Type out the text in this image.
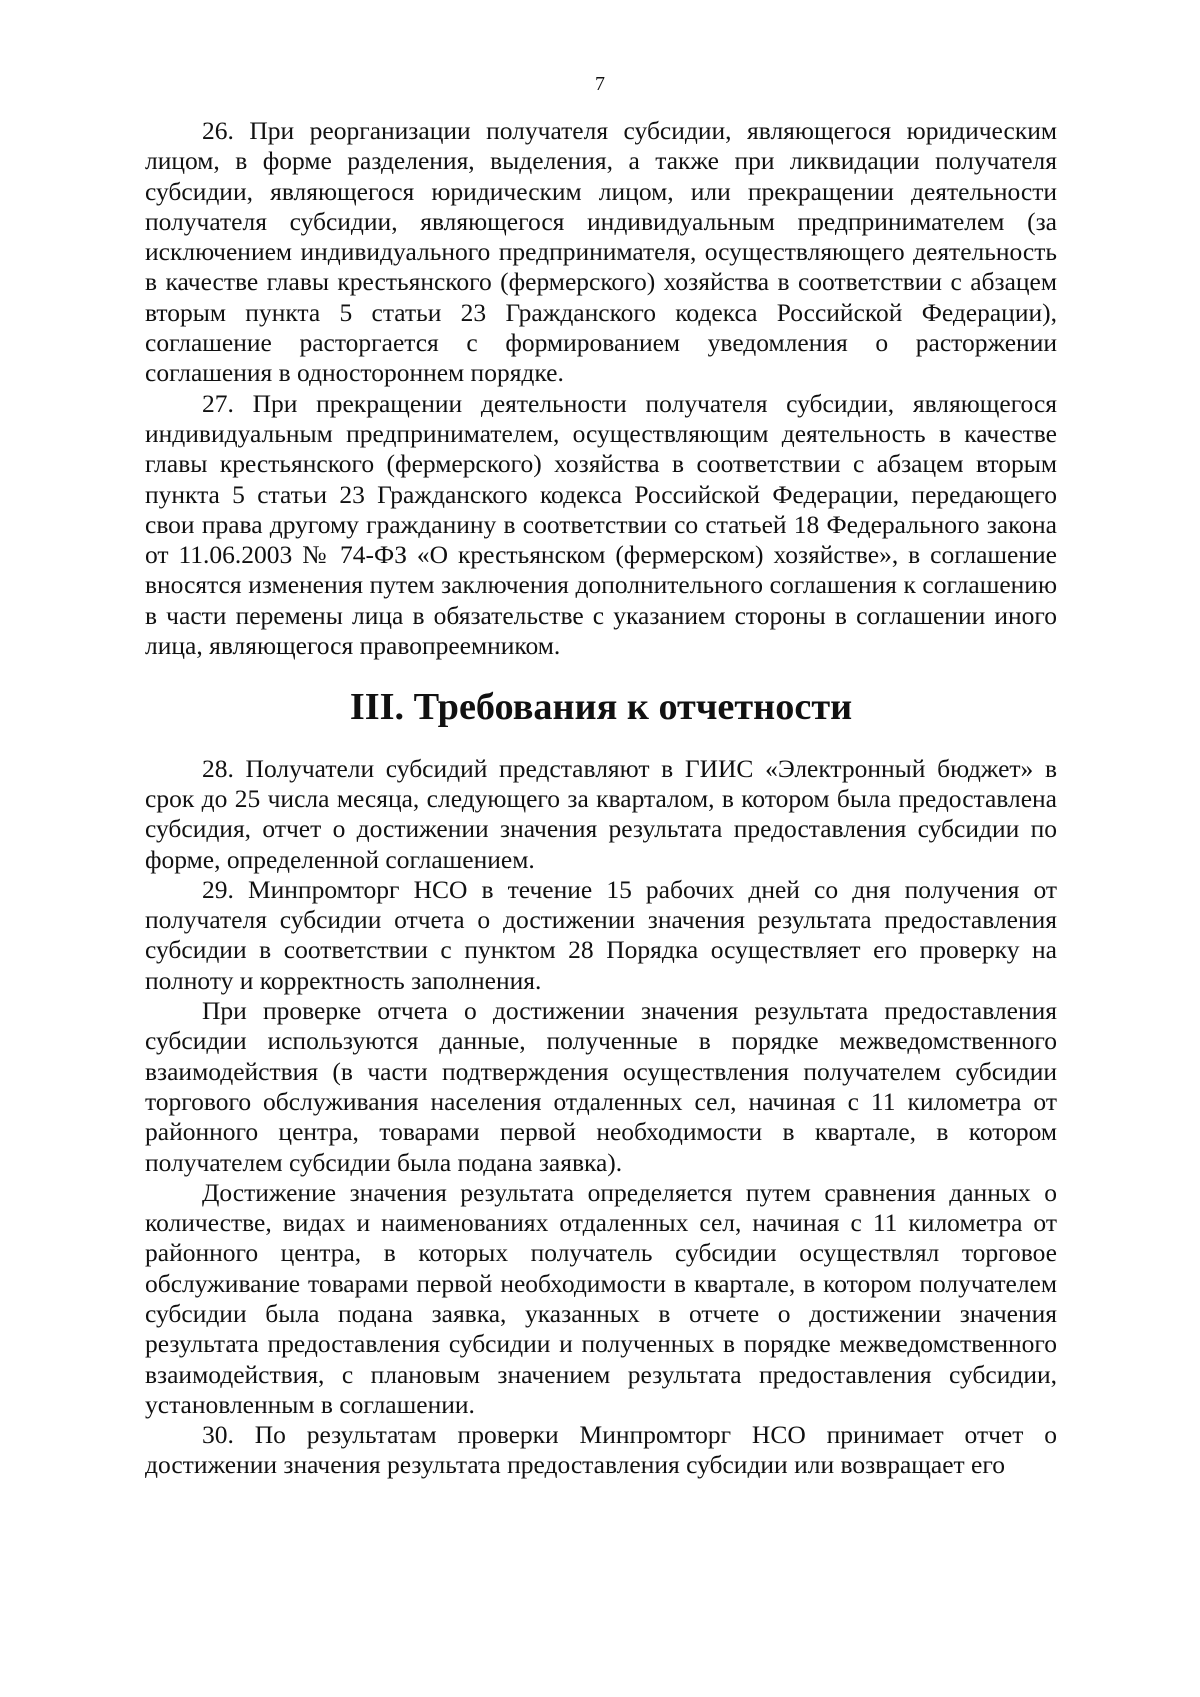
7

26. При реорганизации получателя субсидии, являющегося юридическим лицом, в форме разделения, выделения, а также при ликвидации получателя субсидии, являющегося юридическим лицом, или прекращении деятельности получателя субсидии, являющегося индивидуальным предпринимателем (за исключением индивидуального предпринимателя, осуществляющего деятельность в качестве главы крестьянского (фермерского) хозяйства в соответствии с абзацем вторым пункта 5 статьи 23 Гражданского кодекса Российской Федерации), соглашение расторгается с формированием уведомления о расторжении соглашения в одностороннем порядке.

27. При прекращении деятельности получателя субсидии, являющегося индивидуальным предпринимателем, осуществляющим деятельность в качестве главы крестьянского (фермерского) хозяйства в соответствии с абзацем вторым пункта 5 статьи 23 Гражданского кодекса Российской Федерации, передающего свои права другому гражданину в соответствии со статьей 18 Федерального закона от 11.06.2003 № 74-ФЗ «О крестьянском (фермерском) хозяйстве», в соглашение вносятся изменения путем заключения дополнительного соглашения к соглашению в части перемены лица в обязательстве с указанием стороны в соглашении иного лица, являющегося правопреемником.

III. Требования к отчетности

28. Получатели субсидий представляют в ГИИС «Электронный бюджет» в срок до 25 числа месяца, следующего за кварталом, в котором была предоставлена субсидия, отчет о достижении значения результата предоставления субсидии по форме, определенной соглашением.

29. Минпромторг НСО в течение 15 рабочих дней со дня получения от получателя субсидии отчета о достижении значения результата предоставления субсидии в соответствии с пунктом 28 Порядка осуществляет его проверку на полноту и корректность заполнения.

При проверке отчета о достижении значения результата предоставления субсидии используются данные, полученные в порядке межведомственного взаимодействия (в части подтверждения осуществления получателем субсидии торгового обслуживания населения отдаленных сел, начиная с 11 километра от районного центра, товарами первой необходимости в квартале, в котором получателем субсидии была подана заявка).

Достижение значения результата определяется путем сравнения данных о количестве, видах и наименованиях отдаленных сел, начиная с 11 километра от районного центра, в которых получатель субсидии осуществлял торговое обслуживание товарами первой необходимости в квартале, в котором получателем субсидии была подана заявка, указанных в отчете о достижении значения результата предоставления субсидии и полученных в порядке межведомственного взаимодействия, с плановым значением результата предоставления субсидии, установленным в соглашении.

30. По результатам проверки Минпромторг НСО принимает отчет о достижении значения результата предоставления субсидии или возвращает его
